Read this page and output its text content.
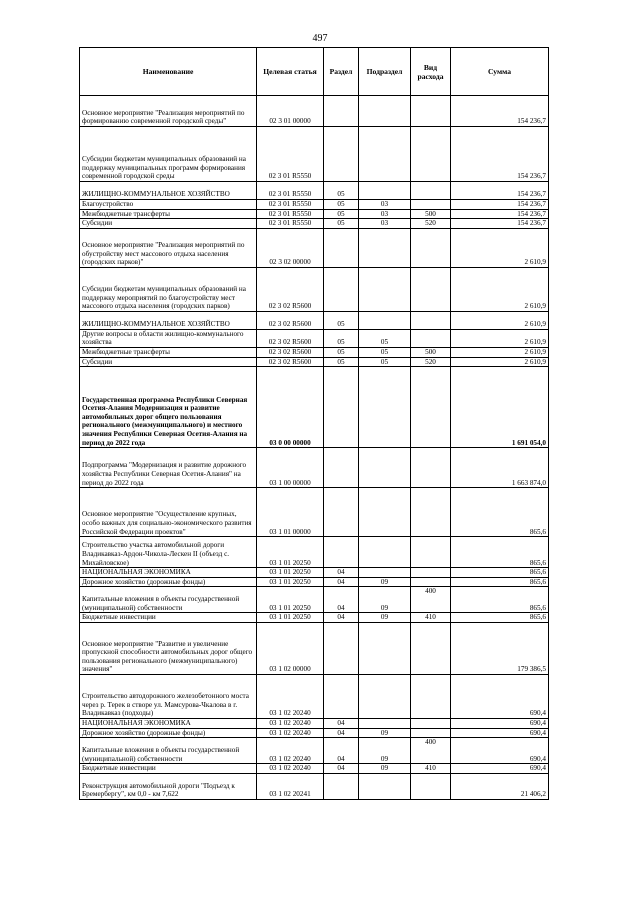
497
Наименование	Целевая статья	Раздел	Подраздел	Вид расхода	Сумма
Основное мероприятие "Реализация мероприятий по формированию современной городской среды"	02 3 01 00000				154 236,7
Субсидии бюджетам муниципальных образований на поддержку муниципальных программ формирования современной городской среды	02 3 01 R5550				154 236,7
ЖИЛИЩНО-КОММУНАЛЬНОЕ ХОЗЯЙСТВО	02 3 01 R5550	05			154 236,7
Благоустройство	02 3 01 R5550	05	03		154 236,7
Межбюджетные трансферты	02 3 01 R5550	05	03	500	154 236,7
Субсидии	02 3 01 R5550	05	03	520	154 236,7
Основное мероприятие "Реализация мероприятий по обустройству мест массового отдыха населения (городских парков)"	02 3 02 00000				2 610,9
Субсидии бюджетам муниципальных образований на поддержку мероприятий по благоустройству мест массового отдыха населения (городских парков)	02 3 02 R5600				2 610,9
ЖИЛИЩНО-КОММУНАЛЬНОЕ ХОЗЯЙСТВО	02 3 02 R5600	05			2 610,9
Другие вопросы в области жилищно-коммунального хозяйства	02 3 02 R5600	05	05		2 610,9
Межбюджетные трансферты	02 3 02 R5600	05	05	500	2 610,9
Субсидии	02 3 02 R5600	05	05	520	2 610,9
Государственная программа Республики Северная Осетия-Алания Модернизация и развитие автомобильных дорог общего пользования регионального (межмуниципального) и местного значения Республики Северная Осетия-Алания на период до 2022 года	03 0 00 00000				1 691 054,0
Подпрограмма "Модернизация и развитие дорожного хозяйства Республики Северная Осетия-Алания" на период до 2022 года	03 1 00 00000				1 663 874,0
Основное мероприятие "Осуществление крупных, особо важных для социально-экономического развития Российской Федерации проектов"	03 1 01 00000				865,6
Строительство участка автомобильной дороги Владикавказ-Ардон-Чикола-Лескен II (объезд с. Михайловское)	03 1 01 20250				865,6
НАЦИОНАЛЬНАЯ ЭКОНОМИКА	03 1 01 20250	04			865,6
Дорожное хозяйство (дорожные фонды)	03 1 01 20250	04	09		865,6
Капитальные вложения в объекты государственной (муниципальной) собственности	03 1 01 20250	04	09	400	865,6
Бюджетные инвестиции	03 1 01 20250	04	09	410	865,6
Основное мероприятие "Развитие и увеличение пропускной способности автомобильных дорог общего пользования регионального (межмуниципального) значения"	03 1 02 00000				179 386,5
Строительство автодорожного железобетонного моста через р. Терек в створе ул. Мамсурова-Чкалова в г. Владикавказ (подходы)	03 1 02 20240				690,4
НАЦИОНАЛЬНАЯ ЭКОНОМИКА	03 1 02 20240	04			690,4
Дорожное хозяйство (дорожные фонды)	03 1 02 20240	04	09		690,4
Капитальные вложения в объекты государственной (муниципальной) собственности	03 1 02 20240	04	09	400	690,4
Бюджетные инвестиции	03 1 02 20240	04	09	410	690,4
Реконструкция автомобильной дороги "Подъезд к Бремербергу", км 0,0 - км 7,622	03 1 02 20241				21 406,2
